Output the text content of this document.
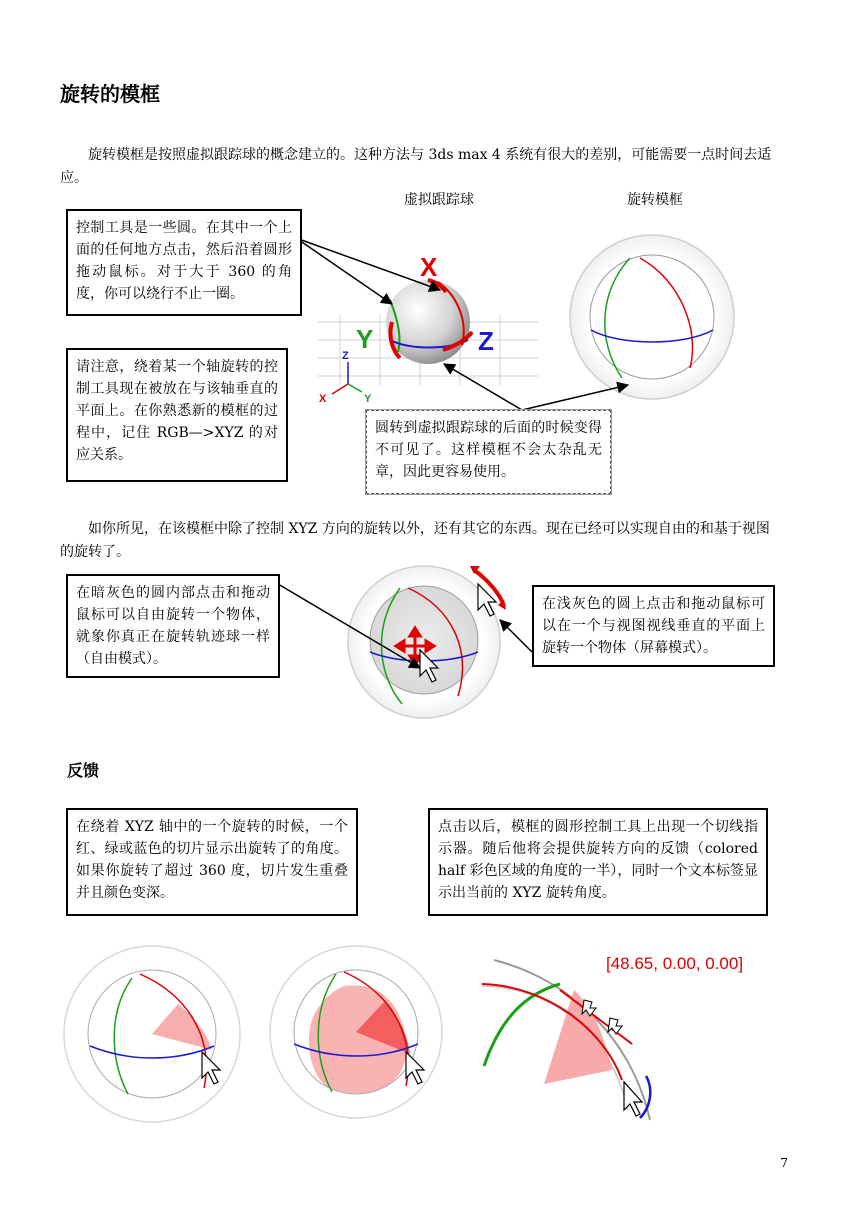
旋转的模框
旋转模框是按照虚拟跟踪球的概念建立的。这种方法与 3ds max 4 系统有很大的差别，可能需要一点时间去适应。
虚拟跟踪球	旋转模框
X
Y	Z
Z
X	Y
控制工具是一些圆。在其中一个上面的任何地方点击，然后沿着圆形拖动鼠标。对于大于 360 的角度，你可以绕行不止一圈。
请注意，绕着某一个轴旋转的控制工具现在被放在与该轴垂直的平面上。在你熟悉新的模框的过程中，记住 RGB—>XYZ 的对应关系。
圆转到虚拟跟踪球的后面的时候变得不可见了。这样模框不会太杂乱无章，因此更容易使用。
如你所见，在该模框中除了控制 XYZ 方向的旋转以外，还有其它的东西。现在已经可以实现自由的和基于视图的旋转了。
在暗灰色的圆内部点击和拖动鼠标可以自由旋转一个物体，就象你真正在旋转轨迹球一样（自由模式）。
在浅灰色的圆上点击和拖动鼠标可以在一个与视图视线垂直的平面上旋转一个物体（屏幕模式）。
反馈
在绕着 XYZ 轴中的一个旋转的时候，一个红、绿或蓝色的切片显示出旋转了的角度。如果你旋转了超过 360 度，切片发生重叠并且颜色变深。
点击以后，模框的圆形控制工具上出现一个切线指示器。随后他将会提供旋转方向的反馈（colored half 彩色区域的角度的一半），同时一个文本标签显示出当前的 XYZ 旋转角度。
[48.65, 0.00, 0.00]
7
